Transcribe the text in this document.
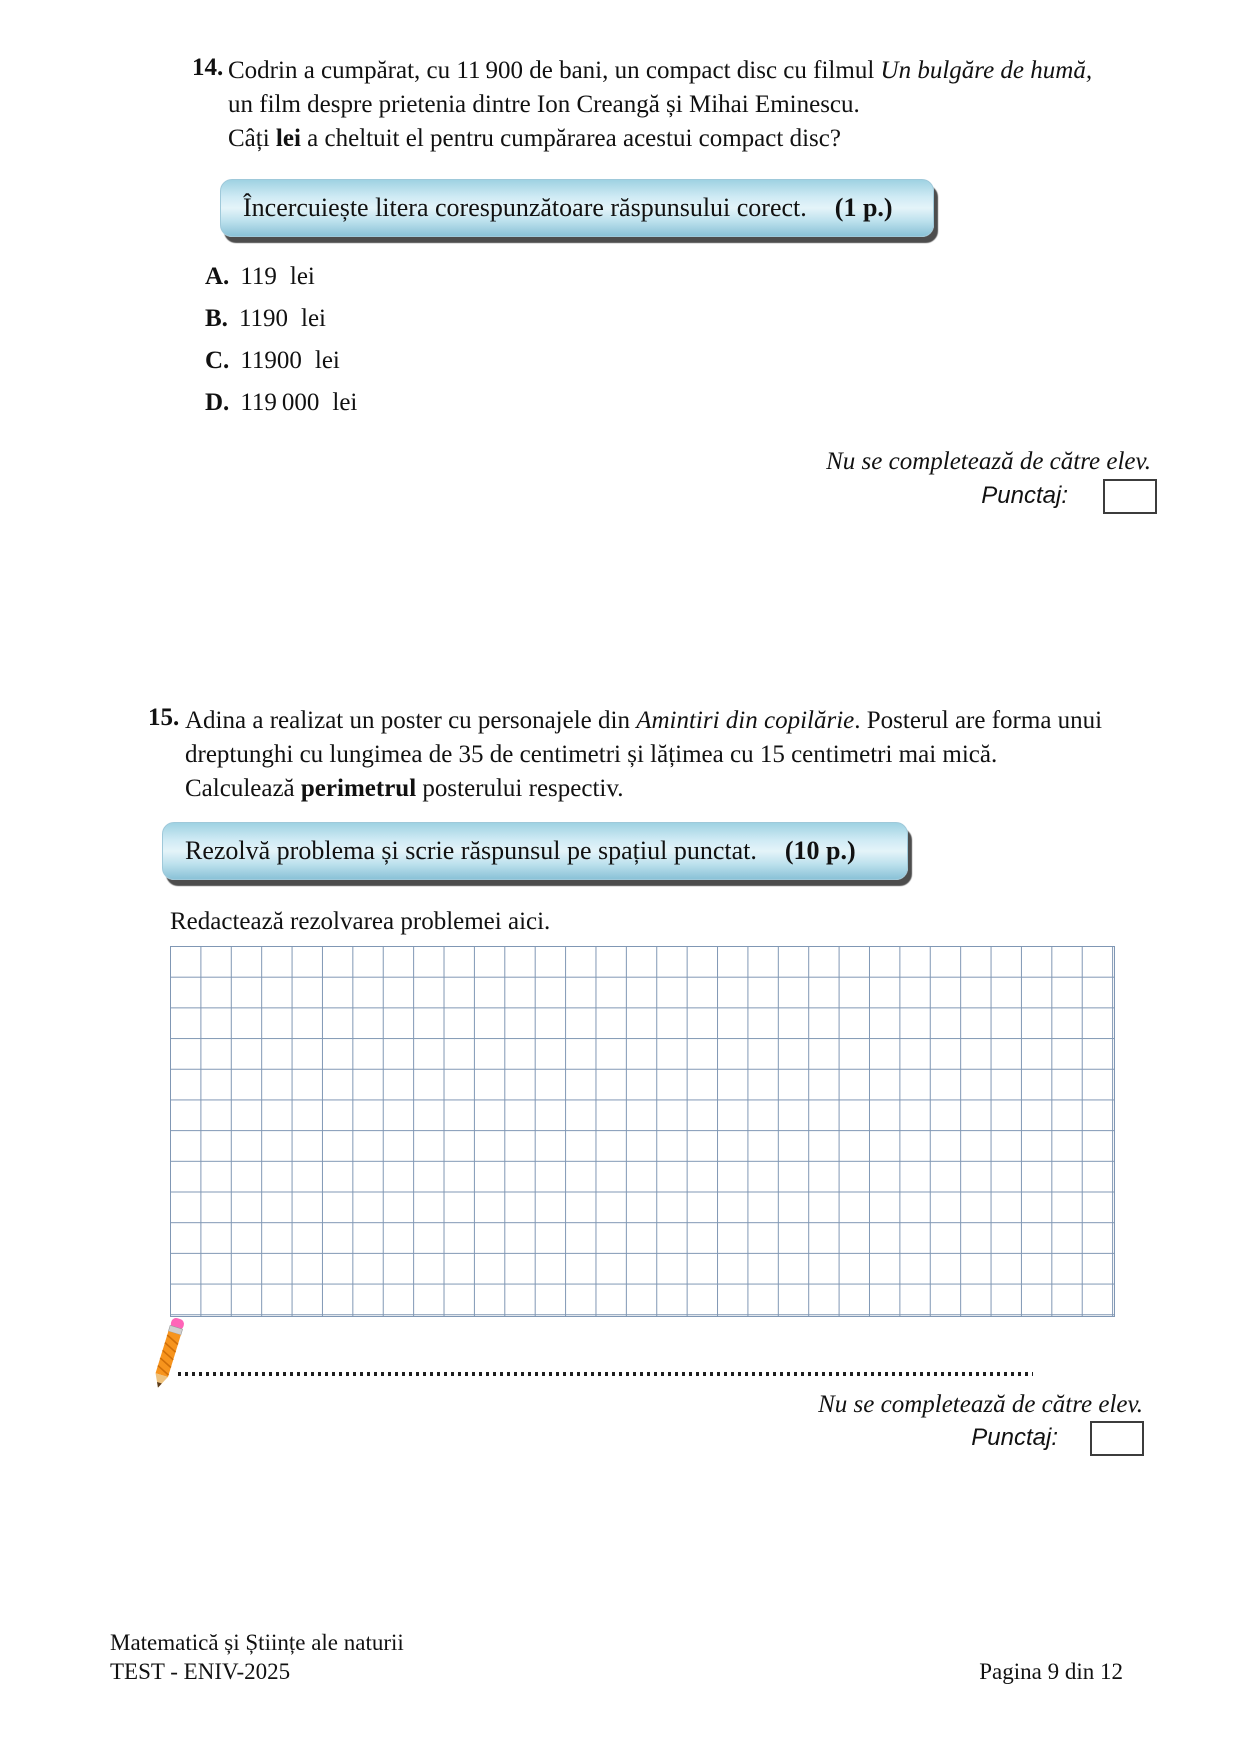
14. Codrin a cumpărat, cu 11 900 de bani, un compact disc cu filmul Un bulgăre de humă,
un film despre prietenia dintre Ion Creangă și Mihai Eminescu.
Câți lei a cheltuit el pentru cumpărarea acestui compact disc?
Încercuiește litera corespunzătoare răspunsului corect. (1 p.)
A. 119 lei
B. 1190 lei
C. 11900 lei
D. 119 000 lei
Nu se completează de către elev.
Punctaj:
15. Adina a realizat un poster cu personajele din Amintiri din copilărie. Posterul are forma unui
dreptunghi cu lungimea de 35 de centimetri și lățimea cu 15 centimetri mai mică.
Calculează perimetrul posterului respectiv.
Rezolvă problema și scrie răspunsul pe spațiul punctat. (10 p.)
Redactează rezolvarea problemei aici.
Nu se completează de către elev.
Punctaj:
Matematică și Științe ale naturii
TEST - ENIV-2025	Pagina 9 din 12
